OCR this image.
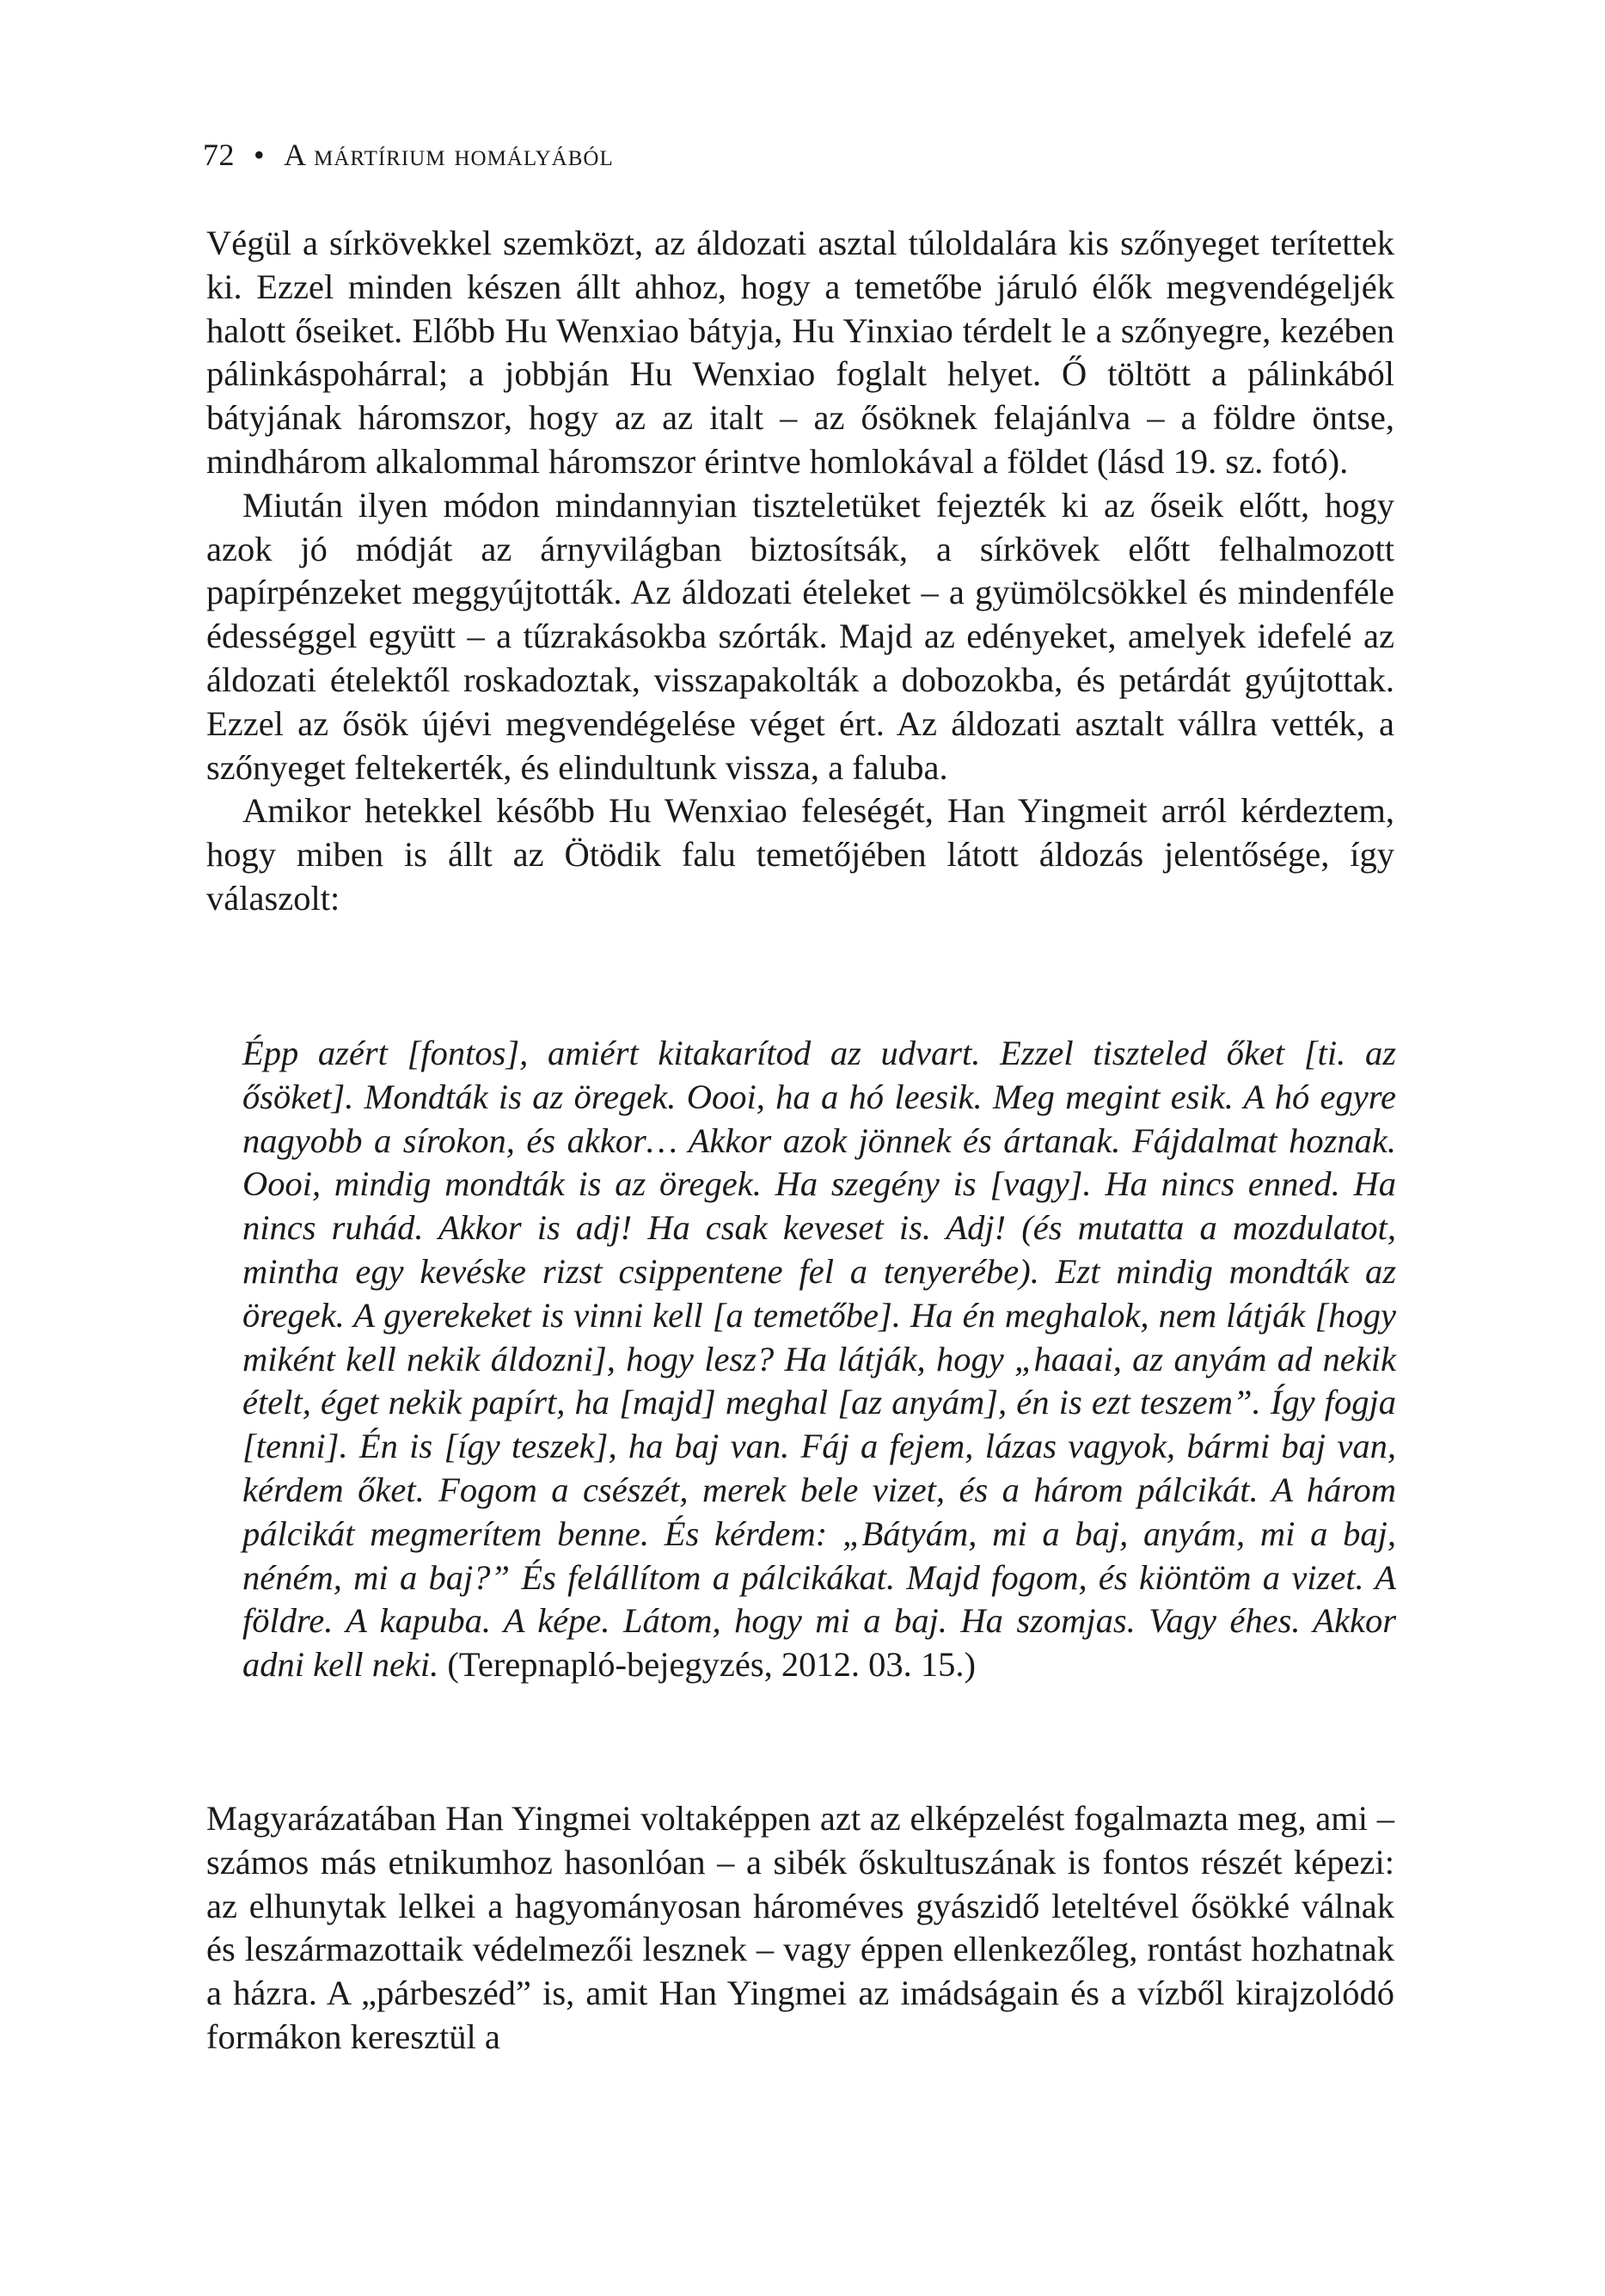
72 • A mártírium homályából

Végül a sírkövekkel szemközt, az áldozati asztal túloldalára kis szőnyeget terítettek ki. Ezzel minden készen állt ahhoz, hogy a temetőbe járuló élők megvendégeljék halott őseiket. Előbb Hu Wenxiao bátyja, Hu Yinxiao térdelt le a szőnyegre, kezében pálinkáspohárral; a jobbján Hu Wenxiao foglalt helyet. Ő töltött a pálinkából bátyjának háromszor, hogy az az italt – az ősöknek felajánlva – a földre öntse, mindhárom alkalommal háromszor érintve homlokával a földet (lásd 19. sz. fotó).

Miután ilyen módon mindannyian tiszteletüket fejezték ki az őseik előtt, hogy azok jó módját az árnyvilágban biztosítsák, a sírkövek előtt felhalmozott papírpénzeket meggyújtották. Az áldozati ételeket – a gyümölcsökkel és mindenféle édességgel együtt – a tűzrakásokba szórták. Majd az edényeket, amelyek idefelé az áldozati ételektől roskadoztak, visszapakolták a dobozokba, és petárdát gyújtottak. Ezzel az ősök újévi megvendégelése véget ért. Az áldozati asztalt vállra vették, a szőnyeget feltekerték, és elindultunk vissza, a faluba.

Amikor hetekkel később Hu Wenxiao feleségét, Han Yingmeit arról kérdeztem, hogy miben is állt az Ötödik falu temetőjében látott áldozás jelentősége, így válaszolt:

Épp azért [fontos], amiért kitakarítod az udvart. Ezzel tiszteled őket [ti. az ősöket]. Mondták is az öregek. Oooi, ha a hó leesik. Meg megint esik. A hó egyre nagyobb a sírokon, és akkor… Akkor azok jönnek és ártanak. Fájdalmat hoznak. Oooi, mindig mondták is az öregek. Ha szegény is [vagy]. Ha nincs enned. Ha nincs ruhád. Akkor is adj! Ha csak keveset is. Adj! (és mutatta a mozdulatot, mintha egy kevéske rizst csippentene fel a tenyerébe). Ezt mindig mondták az öregek. A gyerekeket is vinni kell [a temetőbe]. Ha én meghalok, nem látják [hogy miként kell nekik áldozni], hogy lesz? Ha látják, hogy „haaai, az anyám ad nekik ételt, éget nekik papírt, ha [majd] meghal [az anyám], én is ezt teszem”. Így fogja [tenni]. Én is [így teszek], ha baj van. Fáj a fejem, lázas vagyok, bármi baj van, kérdem őket. Fogom a csészét, merek bele vizet, és a három pálcikát. A három pálcikát megmerítem benne. És kérdem: „Bátyám, mi a baj, anyám, mi a baj, néném, mi a baj?” És felállítom a pálcikákat. Majd fogom, és kiöntöm a vizet. A földre. A kapuba. A képe. Látom, hogy mi a baj. Ha szomjas. Vagy éhes. Akkor adni kell neki. (Terepnapló-bejegyzés, 2012. 03. 15.)

Magyarázatában Han Yingmei voltaképpen azt az elképzelést fogalmazta meg, ami – számos más etnikumhoz hasonlóan – a sibék őskultuszának is fontos részét képezi: az elhunytak lelkei a hagyományosan hároméves gyászidő leteltével ősökké válnak és leszármazottaik védelmezői lesznek – vagy éppen ellenkezőleg, rontást hozhatnak a házra. A „párbeszéd” is, amit Han Yingmei az imádságain és a vízből kirajzolódó formákon keresztül a
